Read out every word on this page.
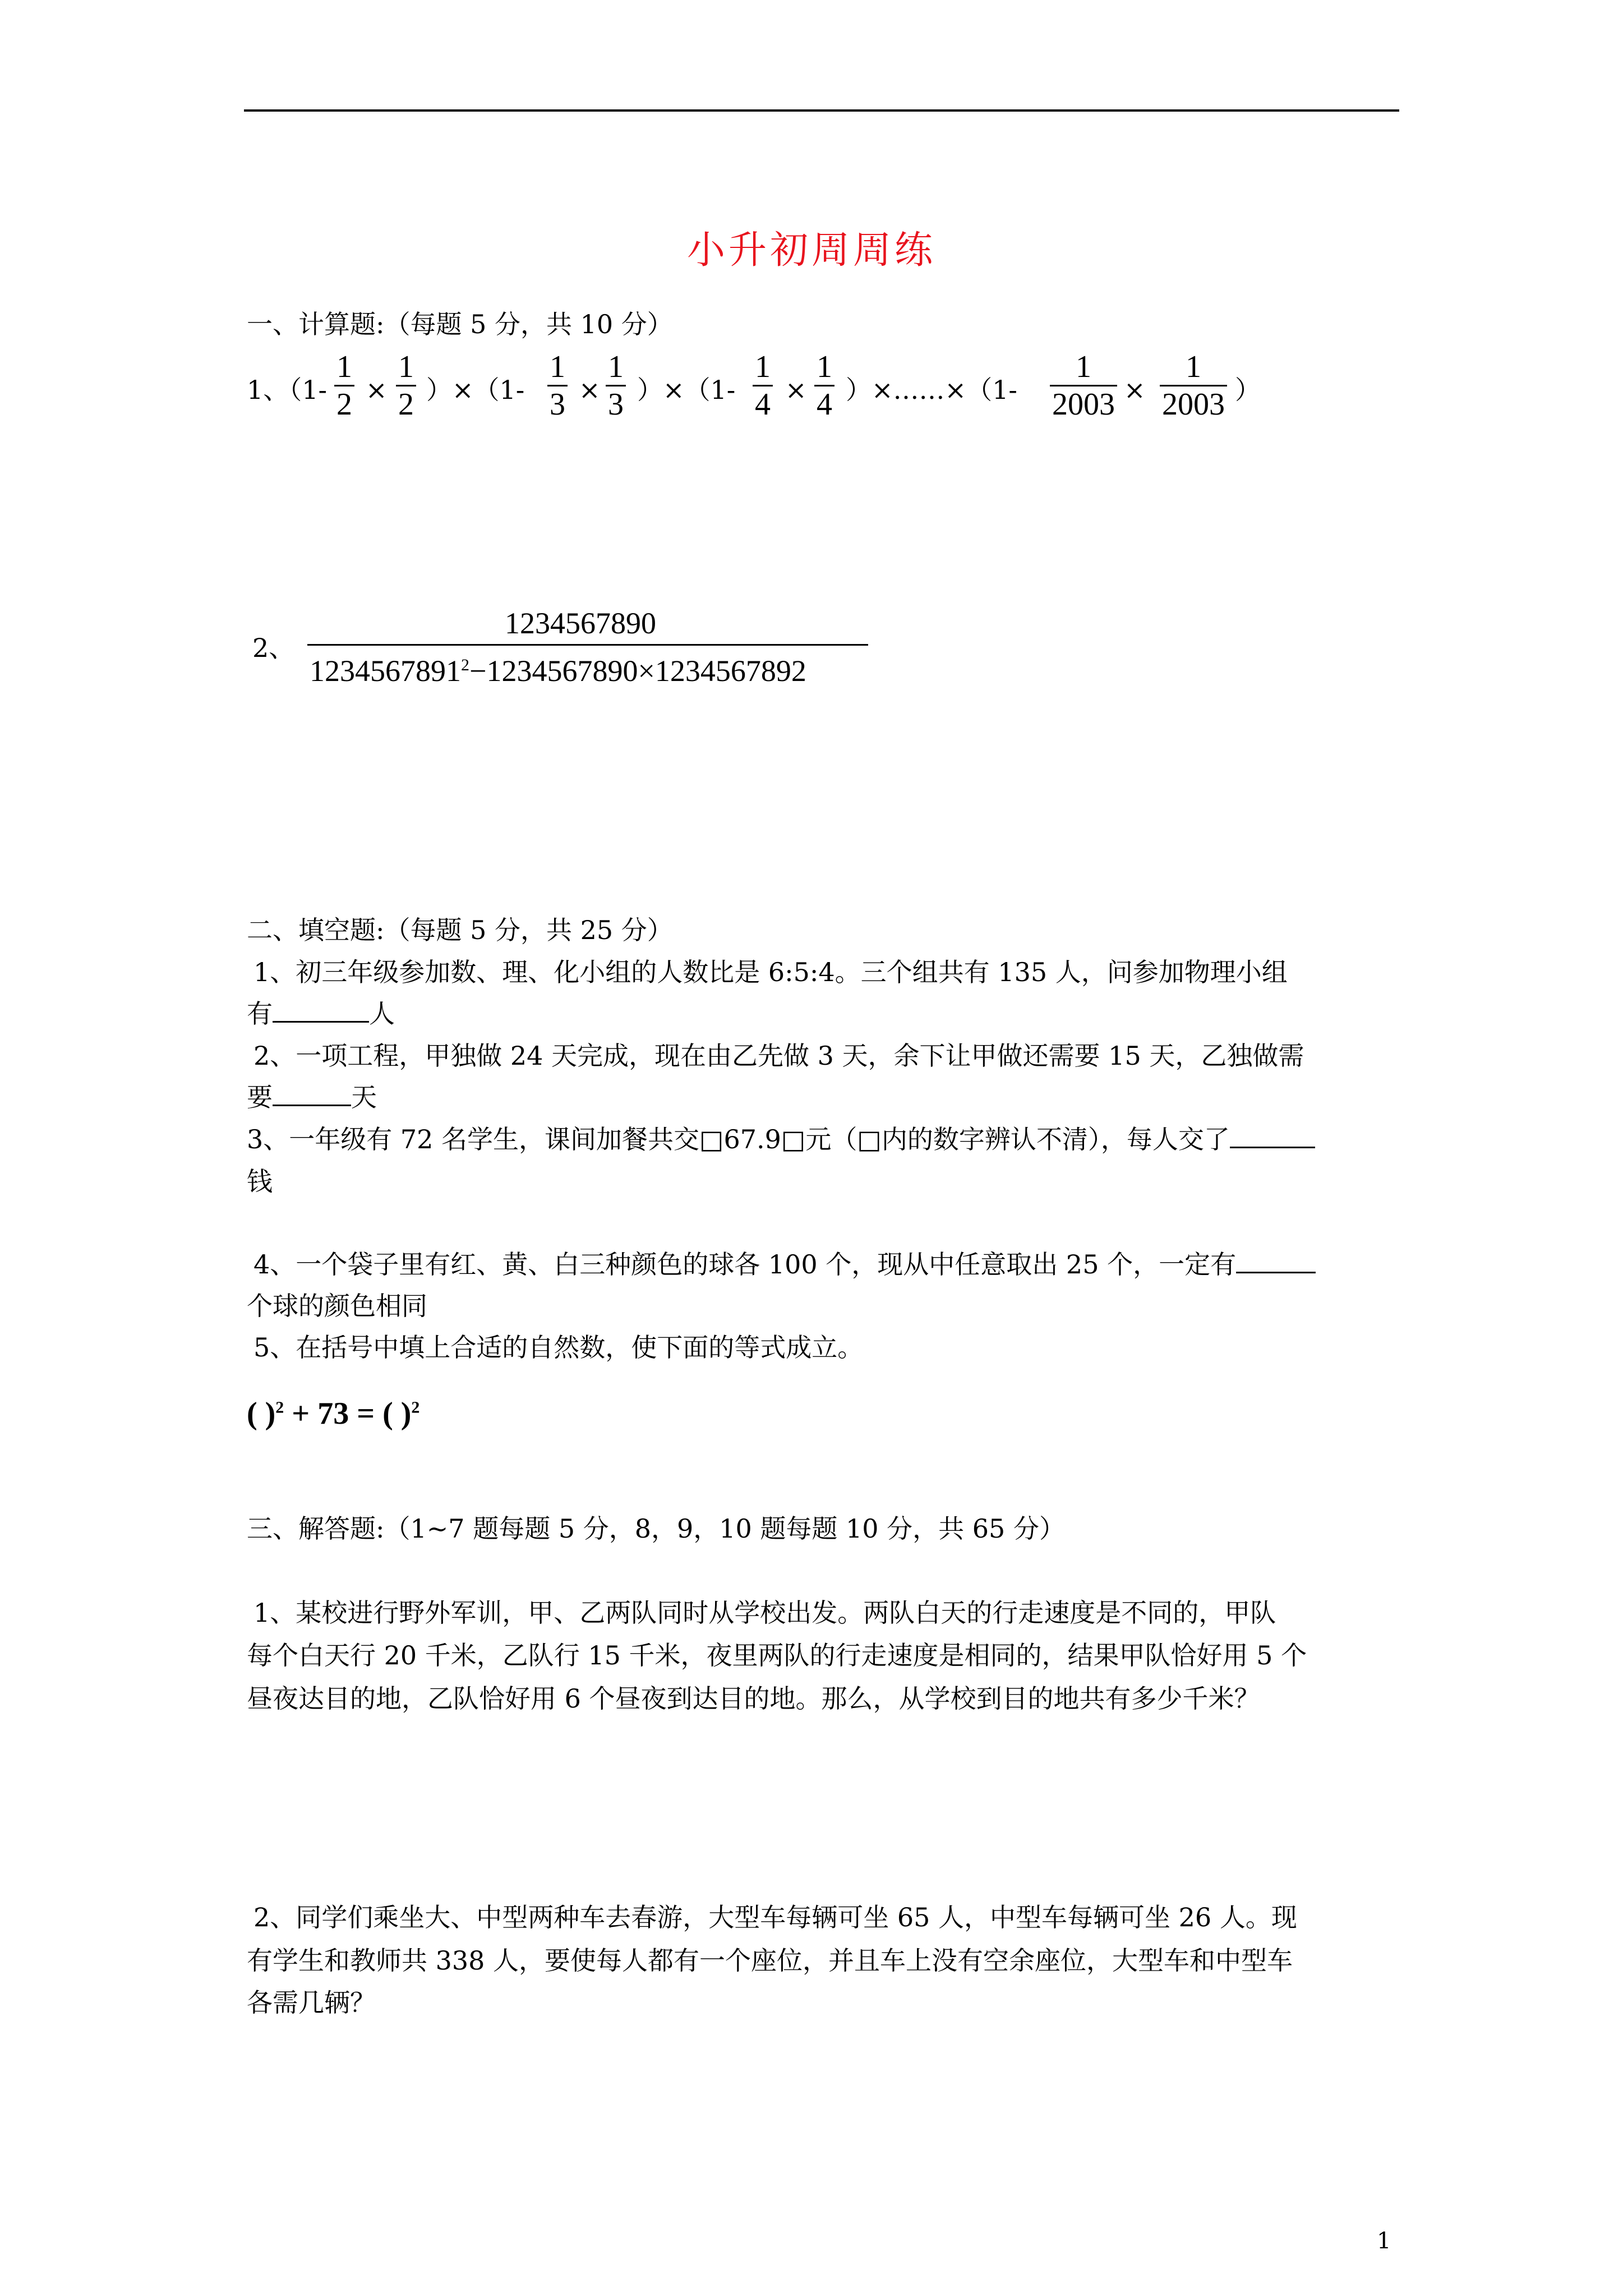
小升初周周练
一、计算题:（每题 5 分，共 10 分）
1、（1-
1
2 ×
1
2 ）×（1-
1
3 ×
1
3 ）×（1-
1
4 ×
1
4 ）×……×（1-
1
2003 ×
1
2003 ）
2、
1234567890
$1234567891^2-1234567890\times 1234567892$
二、填空题:（每题 5 分，共 25 分）
1、初三年级参加数、理、化小组的人数比是 6:5:4。三个组共有 135 人，问参加物理小组
有	人
2、一项工程，甲独做 24 天完成，现在由乙先做 3 天，余下让甲做还需要 15 天，乙独做需
要	天
3、一年级有 72 名学生，课间加餐共交□67.9□元（□内的数字辨认不清），每人交了
钱
4、一个袋子里有红、黄、白三种颜色的球各 100 个，现从中任意取出 25 个，一定有
个球的颜色相同
5、在括号中填上合适的自然数，使下面的等式成立。
( )$^2$ + 73 = ( )$^2$
三、解答题:（1~7 题每题 5 分，8，9，10 题每题 10 分，共 65 分）
1、某校进行野外军训，甲、乙两队同时从学校出发。两队白天的行走速度是不同的，甲队
每个白天行 20 千米，乙队行 15 千米，夜里两队的行走速度是相同的，结果甲队恰好用 5 个
昼夜达目的地，乙队恰好用 6 个昼夜到达目的地。那么，从学校到目的地共有多少千米？
2、同学们乘坐大、中型两种车去春游，大型车每辆可坐 65 人，中型车每辆可坐 26 人。现
有学生和教师共 338 人，要使每人都有一个座位，并且车上没有空余座位，大型车和中型车
各需几辆？
1
